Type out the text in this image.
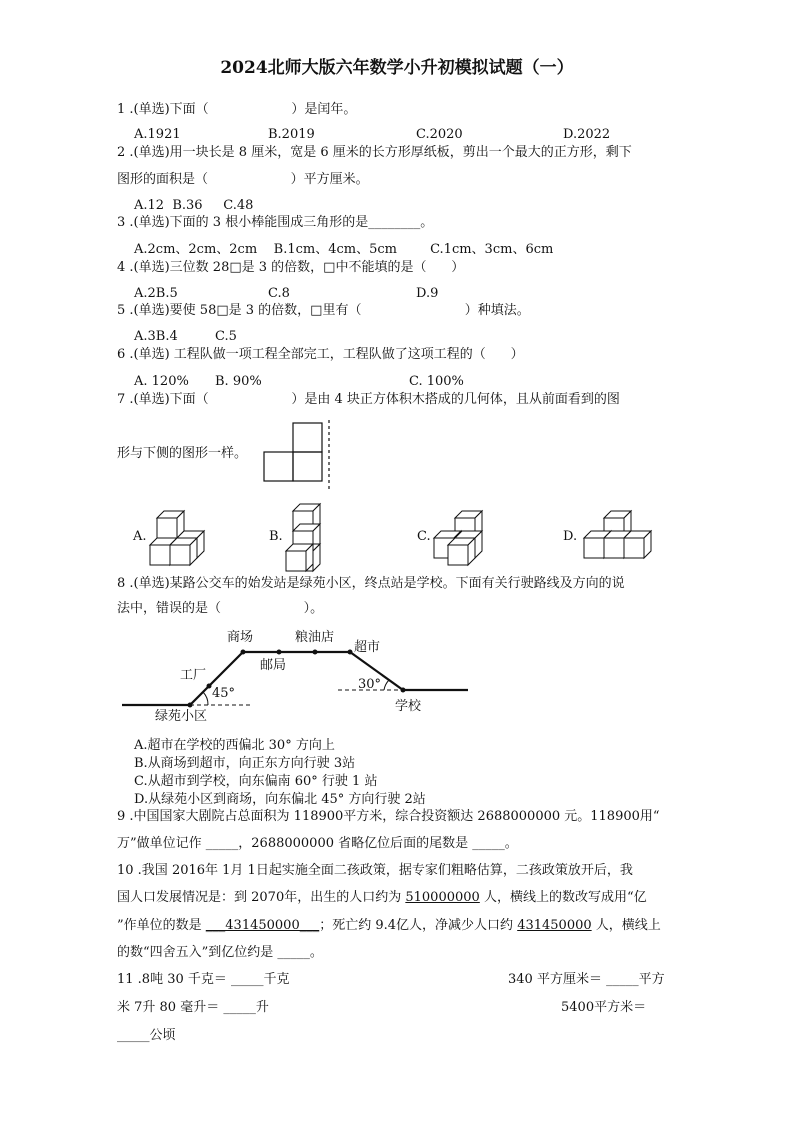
2024北师大版六年数学小升初模拟试题（一）
1 .(单选)下面（                    ）是闰年。
A.1921	B.2019	C.2020	D.2022
2 .(单选)用一块长是 8 厘米，宽是 6 厘米的长方形厚纸板，剪出一个最大的正方形，剩下
图形的面积是（                    ）平方厘米。
A.12  B.36     C.48
3 .(单选)下面的 3 根小棒能围成三角形的是________。
A.2cm、2cm、2cm    B.1cm、4cm、5cm        C.1cm、3cm、6cm
4 .(单选)三位数 28□是 3 的倍数，□中不能填的是（      ）
A.2B.5	C.8	D.9
5 .(单选)要使 58□是 3 的倍数，□里有（                         ）种填法。
A.3B.4	C.5
6 .(单选) 工程队做一项工程全部完工，工程队做了这项工程的（      ）
A. 120% B. 90%	C. 100%
7 .(单选)下面（                    ）是由 4 块正方体积木搭成的几何体，且从前面看到的图
形与下侧的图形一样。
A.	B.	C.	D.
8 .(单选)某路公交车的始发站是绿苑小区，终点站是学校。下面有关行驶路线及方向的说
法中，错误的是（                    ）。
商场	粮油店
超市
邮局
工厂
45°
30°
绿苑小区
学校
A.超市在学校的西偏北 30° 方向上
B.从商场到超市，向正东方向行驶 3站
C.从超市到学校，向东偏南 60° 行驶 1 站
D.从绿苑小区到商场，向东偏北 45° 方向行驶 2站
9 .中国国家大剧院占总面积为 118900平方米，综合投资额达 2688000000 元。118900用“
万”做单位记作 _____，2688000000 省略亿位后面的尾数是 _____。
10 .我国 2016年 1月 1日起实施全面二孩政策，据专家们粗略估算，二孩政策放开后，我
国人口发展情况是：到 2070年，出生的人口约为 510000000 人，横线上的数改写成用“亿
”作单位的数是 ___431450000___；死亡约 9.4亿人，净减少人口约 431450000 人，横线上
的数“四舍五入”到亿位约是 _____。
11 .8吨 30 千克＝ _____千克	340 平方厘米＝ _____平方
米 7升 80 毫升＝ _____升	5400平方米＝
_____公顷
